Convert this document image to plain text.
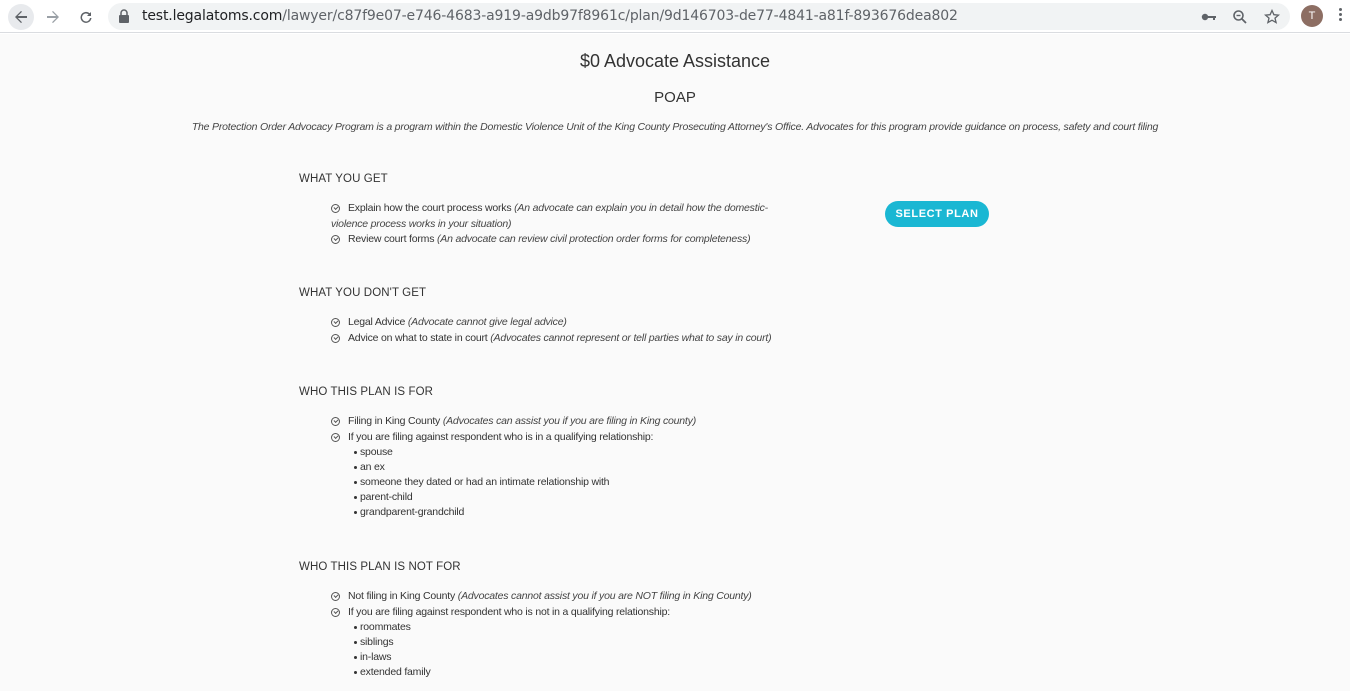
test.legalatoms.com/lawyer/c87f9e07-e746-4683-a919-a9db97f8961c/plan/9d146703-de77-4841-a81f-893676dea802	T
$0 Advocate Assistance
POAP
The Protection Order Advocacy Program is a program within the Domestic Violence Unit of the King County Prosecuting Attorney's Office. Advocates for this program provide guidance on process, safety and court filing
SELECT PLAN
WHAT YOU GET
Explain how the court process works (An advocate can explain you in detail how the domestic-
violence process works in your situation)
Review court forms (An advocate can review civil protection order forms for completeness)
WHAT YOU DON'T GET
Legal Advice (Advocate cannot give legal advice)
Advice on what to state in court (Advocates cannot represent or tell parties what to say in court)
WHO THIS PLAN IS FOR
Filing in King County (Advocates can assist you if you are filing in King county)
If you are filing against respondent who is in a qualifying relationship:
spouse
an ex
someone they dated or had an intimate relationship with
parent-child
grandparent-grandchild
WHO THIS PLAN IS NOT FOR
Not filing in King County (Advocates cannot assist you if you are NOT filing in King County)
If you are filing against respondent who is not in a qualifying relationship:
roommates
siblings
in-laws
extended family
